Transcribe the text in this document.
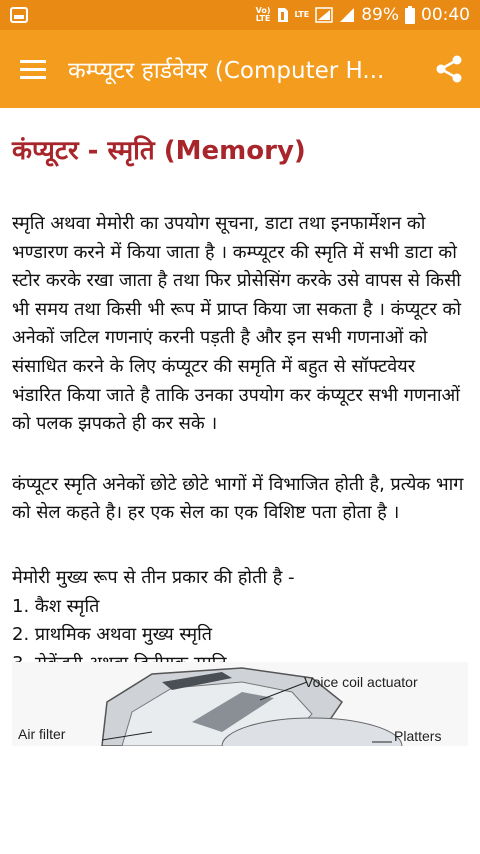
Vo)
LTE	LTE	89% 00:40
कम्प्यूटर हार्डवेयर (Computer H...
कंप्यूटर - स्मृति (Memory)

स्मृति अथवा मेमोरी का उपयोग सूचना, डाटा तथा इनफार्मेशन को भण्डारण करने में किया जाता है । कम्प्यूटर की स्मृति में सभी डाटा को स्टोर करके रखा जाता है तथा फिर प्रोसेसिंग करके उसे वापस से किसी भी समय तथा किसी भी रूप में प्राप्त किया जा सकता है । कंप्यूटर को अनेकों जटिल गणनाएं करनी पड़ती है और इन सभी गणनाओं को संसाधित करने के लिए कंप्यूटर की समृति में बहुत से सॉफ्टवेयर भंडारित किया जाते है ताकि उनका उपयोग कर कंप्यूटर सभी गणनाओं को पलक झपकते ही कर सके ।

कंप्यूटर स्मृति अनेकों छोटे छोटे भागों में विभाजित होती है, प्रत्येक भाग को सेल कहते है। हर एक सेल का एक विशिष्ट पता होता है ।

मेमोरी मुख्य रूप से तीन प्रकार की होती है -

1. कैश स्मृति
2. प्राथमिक अथवा मुख्य स्मृति
Voice coil actuator
Air filter	Platters
